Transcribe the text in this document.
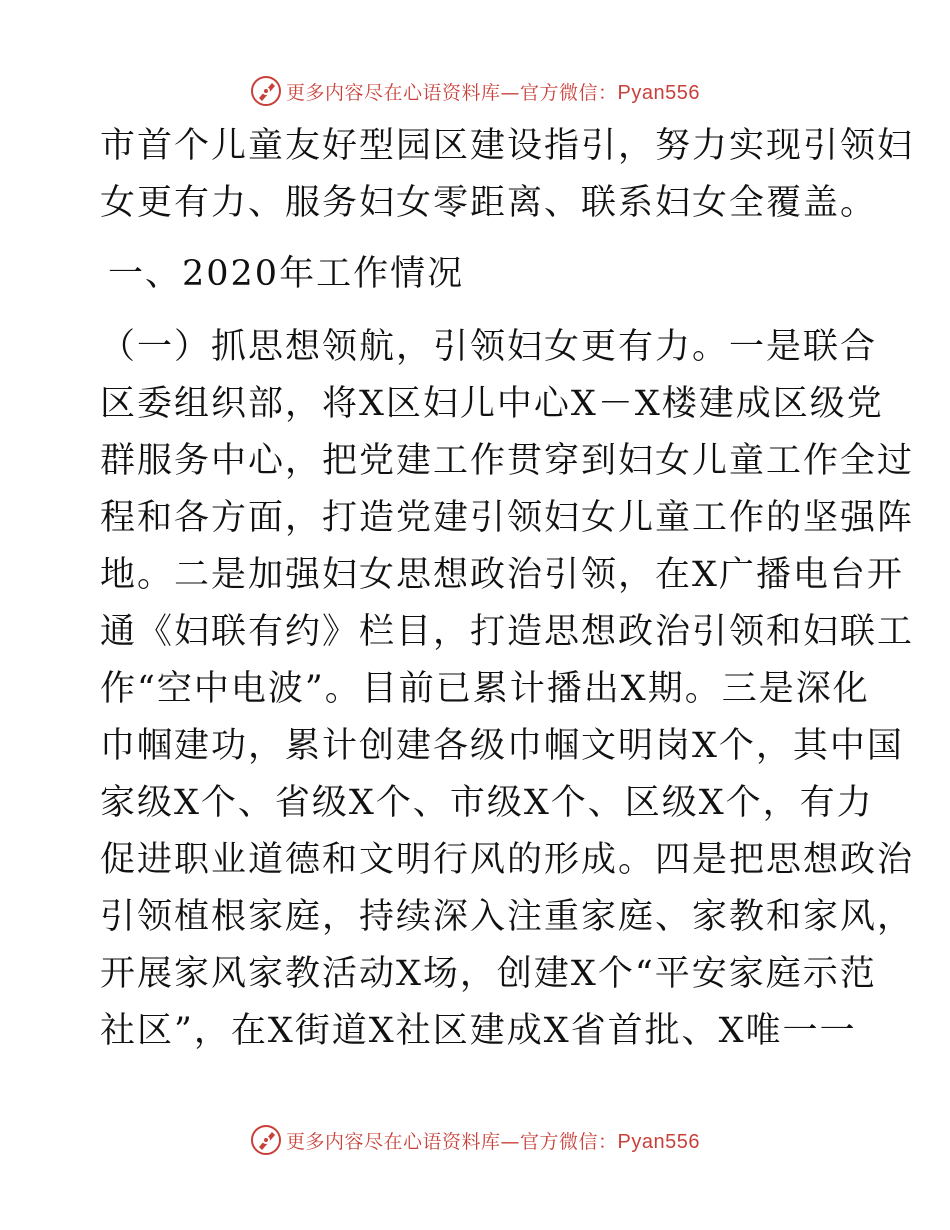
更多内容尽在心语资料库—官方微信：Pyan556
市首个儿童友好型园区建设指引，努力实现引领妇
女更有力、服务妇女零距离、联系妇女全覆盖。
一、2020年工作情况
（一）抓思想领航，引领妇女更有力。一是联合
区委组织部，将X区妇儿中心X－X楼建成区级党
群服务中心，把党建工作贯穿到妇女儿童工作全过
程和各方面，打造党建引领妇女儿童工作的坚强阵
地。二是加强妇女思想政治引领，在X广播电台开
通《妇联有约》栏目，打造思想政治引领和妇联工
作“空中电波”。目前已累计播出X期。三是深化
巾帼建功，累计创建各级巾帼文明岗X个，其中国
家级X个、省级X个、市级X个、区级X个，有力
促进职业道德和文明行风的形成。四是把思想政治
引领植根家庭，持续深入注重家庭、家教和家风，
开展家风家教活动X场，创建X个“平安家庭示范
社区”，在X街道X社区建成X省首批、X唯一一
更多内容尽在心语资料库—官方微信：Pyan556
